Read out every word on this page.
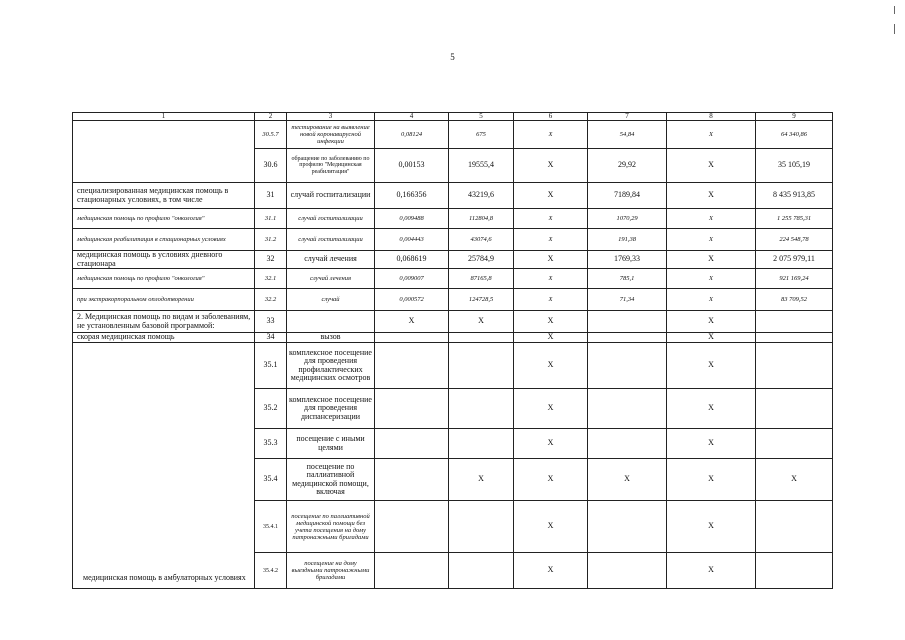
5
1	2	3	4	5	6	7	8	9	
	30.5.7	тестирование на выявление новой коронавирусной инфекции	0,08124	675	Х	54,84	Х	64 340,86	
	30.6	обращение по заболеванию по профилю "Медицинская реабилитация"	0,00153	19555,4	Х	29,92	Х	35 105,19	
специализированная медицинская помощь в стационарных условиях, в том числе	31	случай госпитализации	0,166356	43219,6	Х	7189,84	Х	8 435 913,85	
медицинская помощь по профилю "онкология"	31.1	случай госпитализации	0,009488	112804,8	Х	1070,29	Х	1 255 785,31	
медицинская реабилитация в стационарных условиях	31.2	случай госпитализации	0,004443	43074,6	Х	191,38	Х	224 548,78	
медицинская помощь в условиях дневного стационара	32	случай лечения	0,068619	25784,9	Х	1769,33	Х	2 075 979,11	
медицинская помощь по профилю "онкология"	32.1	случай лечения	0,009007	87165,8	Х	785,1	Х	921 169,24	
при экстракорпоральном оплодотворении	32.2	случай	0,000572	124728,5	Х	71,34	Х	83 709,52	
2. Медицинская помощь по видам и заболеваниям, не установленным базовой программой:	33		Х	Х	Х		Х		
скорая медицинская помощь	34	вызов			Х		Х		
медицинская помощь в амбулаторных условиях	35.1	комплексное посещение для проведения профилактических медицинских осмотров			Х		Х		
	35.2	комплексное посещение для проведения диспансеризации			Х		Х		
	35.3	посещение с иными целями			Х		Х		
	35.4	посещение по паллиативной медицинской помощи, включая		Х	Х	Х	Х	Х	
	35.4.1	посещение по паллиативной медицинской помощи без учета посещения на дому патронажными бригадами			Х		Х		
	35.4.2	посещение на дому выездными патронажными бригадами			Х		Х		
